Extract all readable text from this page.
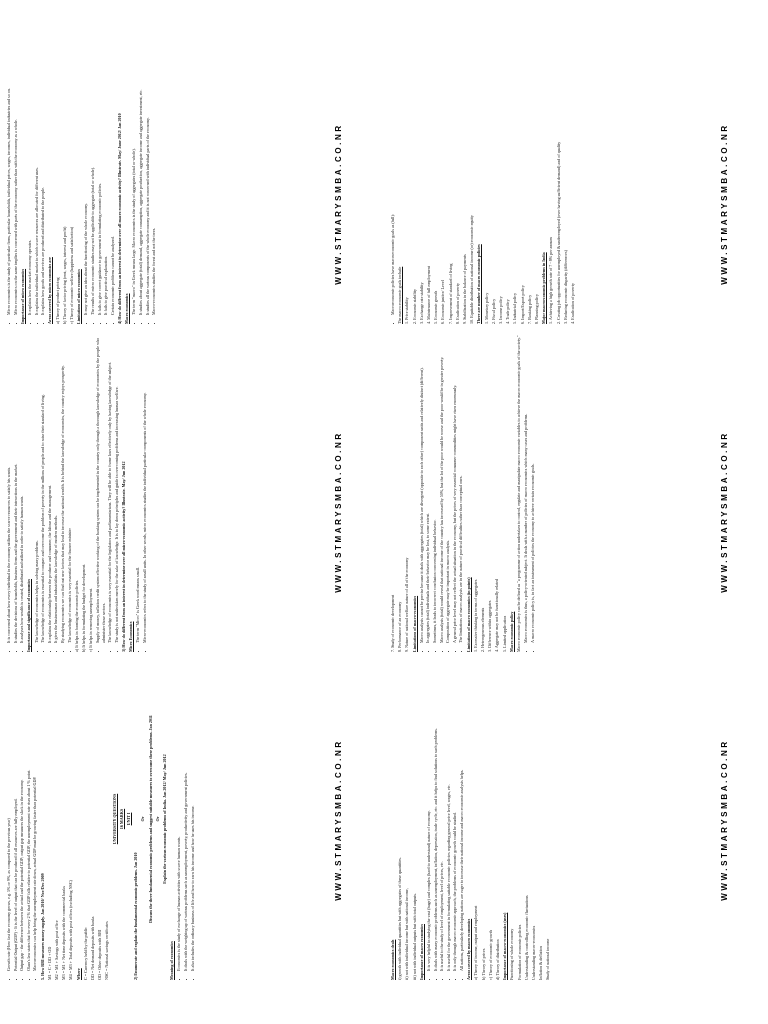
• Growth rate (How fast the economy grows, e.g. 5% or 9%, as compared to the previous year) • Potential Output (GDP) - It is the level of output that can be produced if all resources are fully employed. • Output gap - the difference between the actual and the potential GDP; output gap measures the slack in the economy. • Okun's law states that for every 2 % that GDP falls relative to potential GDP, the unemployment rate rises about 1 % point. • Macroeconomics can help bring the unemployment rate down, actual GDP must be growing faster than potential GDP. 5. How RBI measures money supply. Jan 2010/ Nov/Dec 2009 M1 = C + DD + OD M2 = M1 + Savings with post office M3 = M1 + Net time deposits with the commercial banks M4 = M3 + Total deposits with post offices (excluding NSC) Where C = Currency held by the public DD = Net demand deposits with banks OD = Other deposits with RBI NSC = National savings certificates

UNIVERSITY QUESTIONS 16 MARKS UNIT I

2) Enumerate and explain the fundamental economic problems. Jan 2010

Or Discuss the three fundamental economic problems and suggest suitable measures to overcome these problems. Jan 2011 Or Explain the various economic problems of India. Jan 2012/ May/ Jun 2012

Meaning of economics • Economics is the study of exchange of human activities with scarce human wants. • It deals with the weighing up of various problems such as unemployment, poverty, productivity and government policies. • It also includes the ordinary business of life and how to earn his income and how he uses his income.
• It is concerned about how every individual in the economy utilizes the scarce resources to satisfy his wants. • It studies the decisions of households, business firms and the government and their interactions in the market. • It analyses how wealth is created, distributed and utilized in order to satisfy human wants. Importance and significance of economics • The knowledge of economics helps in solving many problems. • The knowledge of economics is essential to conquer and overcome the problem of poverty in the millions of people and to raise their standard of living. • It explains the relationship between the producer and consumer, the labour and the management. • It gives the businessman and industrialists the knowledge of modern methods. • By studying economics we can find out new factors that may lead to increase the national wealth. It is behind the knowledge of economics, the country enjoys prosperity. • The knowledge of economics is very essential for the finance minister a) It helps in framing the economic policies. b) It helps in formulating the budget for development. c) It helps in removing unemployment. • Supply of money, inflation credit system effective working of the banking system can be implemented in the country only through a thorough knowledge of economics by the people who administer those sectors. • The knowledge of economics is very essential for the legislators and parliamentarians. They will be able to frame laws effectively only by having knowledge of the subject. • The study is not undertaken merely for the sake of knowledge. It is to lay down principles and guide in overcoming problems and increasing human welfare. 3) How do different from an interest in determine over all micro-economic activity? Illustrate. May/ Jun 2012 Micro Economics • The term "Micro" is Greek word means small. • Micro-economics refers to the study of small units. In other words, micro economics studies the individual particular components of the whole economy.
• Micro economics is the study of particular firms, particular households, individual prices, wages, incomes, individual industries and so on. • Micro economics on the same implies is concerned with parts of the economy rather than with the economy as a whole. Importance of micro economics • It explains how the market economy operates. • It explains the individual market in which scarce resources are allocated for different uses. • It explains how goods and services are produced and distributed to the people. Areas covered by micro economics are a) Theory of product pricing b) Theory of factor pricing (rent, wages, interest and profit) c) Theory of economic welfare (happiness and satisfaction) Limitations of micro economics • It may not give an idea about the functioning of the whole economy. • The results of micro economic studies may not be applicable to aggregate (total or whole). • It fails to give correct guidance to government in formulating economic policies. • It fails to give practical explanation. • Certain economic problems cannot be analyzed. 4) How do different from an interest in determine over all macro economic activity? Illustrate. May/ June 2012/ Jan 2010 Macro economics • The term "macro" in Greek means large. Macro economics is the study of aggregates (total or whole). • It studies about aggregate (total) demand, aggregate consumption, aggregate production, aggregate income and aggregate investment, etc. • It studies all the various components of the whole economy and it is not concerned with individual parts of the economy. • Macro-economics studies the forest and not the trees.
WWW.STMARYSMBA.CO.NR
WWW.STMARYSMBA.CO.NR
WWW.STMARYSMBA.CO.NR

Macro economics deals i) growth with individual quantities but with aggregates of these quantities. ii) not with individual income but with national income, iii) not with individual outputs but with total outputs. Importance of macro economics • It is very helpful in studying the vast (huge) and complex (hard to understand) nature of economy. • It deals with many economic problems such as unemployment, inflation, depression, trade cycle, etc. and it helps to find solutions to such problems. • It is useful to the study of level of employment, level of prices, etc. • It is useful for the government in formulating suitable economic policies regarding general price level, wages, etc. • It is only through macro economic approach, the problems of economic growth could be studied. • All nations, particularly developing nations are eager to increase their national income and macro economic analysis helps. Areas covered by macro economics a) Theory of income, output and employment b) Theory of prices c) Theory of economic growth d) Theory of distribution Importance of macro-economics (uses) Functioning of whole economy Formulation of economic policies Understanding & controlling economic fluctuations Understanding macro-economics Inflation & deflation Study of national income

7. Study of economic development 8. Performance of an economy 9. Nature of national welfare nature of all of the economy Limitations of macro-economics • Macro analysis cannot be precise because it deals with aggregates (total) which are divergent (opposite to each other) component units and relatively distinct (different). • In aggregates (total) individuals and their behavior may be lost, to some extent. • Sometimes, it leads to incorrect conclusion concerning individual behavior. • Macro analysis (total) would reveal that national income of the country has increased by 50%, but the lot of the poor would be worse and the poor would be in greater poverty. • Composition of aggregate may be important in macro analysis. • A general price level may not reflect the actual situation in the economy, but the prices of very essential consumer commodities might have risen enormously. • The limitations of macro analysis are in the nature of practical difficulties rather than conceptual ones. Limitations of macro economics (in points) 1. Excessive thinking in terms of aggregates 2. Heterogeneous elements 3. Difference within aggregates 4. Aggregate may not be functionally related 5. Limited application Macro economic policy Macro economic policy can be defined as "a programme of action undertaken to control, regulate and manipulate macro economic variables to achieve the macro economic goals of the society." • Macro economics is thus, a policy-oriented subject. It deals with a number of policies of macro economics which many cases and problems. • A macro economic policy is, in fact an instrument of policies the economy to achieve certain economic goals.
• Macroeconomic policies have macroeconomic goals as (full): The macro economic goals include 1. Price stability 2. Economic stability 3. Exchange rate stability 4. Maintenance of full employment 5. Economic growth 6. Economic justice/ Level 7. Improvement of standard of living 8. Eradication of poverty 9. Stabilization in the balance of payments 10. Equitable distribution of national income (or) economic equity There are number of macro economic policies 1. Monetary policy 2. Fiscal policy 3. Income policy 4. Trade policy 5. Industrial policy 6. Import/Export policy 7. Banking policy 8. Planning policy Major macroeconomic problems in India 1. Achieving a high growth rate of 7 - 8% per annum 2. Creating job opportunities for unemployed & underemployed (over having sufficient demand) and of quality 3. Reducing economic disparity (differences) 4. Eradication of poverty

WWW.STMARYSMBA.CO.NR
WWW.STMARYSMBA.CO.NR
WWW.STMARYSMBA.CO.NR
